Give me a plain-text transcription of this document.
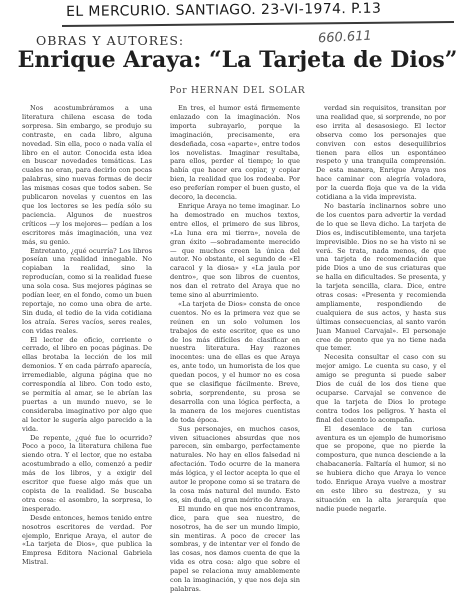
EL MERCURIO. SANTIAGO. 23-VI-1974. P.13
660.611
OBRAS Y AUTORES:
Enrique Araya: “La Tarjeta de Dios”
Por HERNAN DEL SOLAR

Nos acostumbráramos a una literatura chilena escasa de toda sorpresa. Sin embargo, se produjo su contraste, en cada libro, alguna novedad. Sin ella, poco o nada valía el libro en el autor. Conocida esta idea en buscar novedades temáticas. Las cuales no eran, para decirlo con pocas palabras, sino nuevas formas de decir las mismas cosas que todos saben. Se publicaron novelas y cuentos en las que los lectores se les pedía sólo su paciencia. Algunos de nuestros críticos —y los mejores— pedían a los escritores más imaginación, una vez más, su genio.

Entretanto, ¿qué ocurría? Los libros poseían una realidad innegable. No copiaban la realidad, sino la reproducían, como si la realidad fuese una sola cosa. Sus mejores páginas se podían leer, en el fondo, como un buen reportaje, no como una obra de arte. Sin duda, el tedio de la vida cotidiana los atraía. Seres vacíos, seres reales, con vidas reales.

El lector de oficio, corriente o cerrado, el libro en pocas páginas. De ellas brotaba la lección de los mil demonios. Y en cada párrafo aparecía, irremediable, alguna página que no correspondía al libro. Con todo esto, se permitía al amar, se le abrían las puertas a un mundo nuevo, se le consideraba imaginativo por algo que al lector le sugería algo parecido a la vida.

De repente, ¿qué fue lo ocurrido? Poco a poco, la literatura chilena fue siendo otra. Y el lector, que no estaba acostumbrado a ello, comenzó a pedir más de los libros, y a exigir del escritor que fuese algo más que un copista de la realidad. Se buscaba otra cosa: el asombro, la sorpresa, lo inesperado.

Desde entonces, hemos tenido entre nosotros escritores de verdad. Por ejemplo, Enrique Araya, el autor de «La tarjeta de Dios», que publica la Empresa Editora Nacional Gabriela Mistral.

En tres, el humor está firmemente enlazado con la imaginación. Nos importa subrayarlo, porque la imaginación, precisamente, era desdeñada, cosa «aparte», entre todos los novelistas. Imaginar resultaba, para ellos, perder el tiempo; lo que había que hacer era copiar, y copiar bien, la realidad que los rodeaba. Por eso preferían romper el buen gusto, el decoro, la decencia.

Enrique Araya no teme imaginar. Lo ha demostrado en muchos textos, entre ellos, el primero de sus libros, «La luna era mi tierra», novela de gran éxito —sobradamente merecido— que muchos creen la única del autor. No obstante, el segundo de «El caracol y la diosa» y «La jaula por dentro», que son libros de cuentos, nos dan el retrato del Araya que no teme sino al aburrimiento.

«La tarjeta de Dios» consta de once cuentos. No es la primera vez que se reúnen en un solo volumen los trabajos de este escritor, que es uno de los más difíciles de clasificar en nuestra literatura. Hay razones inocentes: una de ellas es que Araya es, ante todo, un humorista de los que quedan pocos, y el humor no es cosa que se clasifique fácilmente. Breve, sobria, sorprendente, su prosa se desarrolla con una lógica perfecta, a la manera de los mejores cuentistas de toda época.

Sus personajes, en muchos casos, viven situaciones absurdas que nos parecen, sin embargo, perfectamente naturales. No hay en ellos falsedad ni afectación. Todo ocurre de la manera más lógica, y el lector acepta lo que el autor le propone como si se tratara de la cosa más natural del mundo. Esto es, sin duda, el gran mérito de Araya.

El mundo en que nos encontramos, dice, para que sea nuestro, de nosotros, ha de ser un mundo limpio, sin mentiras. A poco de crecer las sombras, y de intentar ver el fondo de las cosas, nos damos cuenta de que la vida es otra cosa: algo que sobre el papel se relaciona muy amablemente con la imaginación, y que nos deja sin palabras.

verdad sin requisitos, transitan por una realidad que, si sorprende, no por eso irrita al desasosiego. El lector observa como los personajes que conviven con estos desequilibrios tienen para ellos un espontáneo respeto y una tranquila comprensión. De esta manera, Enrique Araya nos hace caminar con alegría voladora, por la cuerda floja que va de la vida cotidiana a la vida imprevista.

No bastaría inclinarnos sobre uno de los cuentos para advertir la verdad de lo que se lleva dicho. La tarjeta de Dios es, indiscutiblemente, una tarjeta imprevisible. Dios no se ha visto ni se verá. Se trata, nada menos, de que una tarjeta de recomendación que pide Dios a uno de sus criaturas que se halla en dificultades. Se presenta, y la tarjeta sencilla, clara. Dice, entre otras cosas: «Presenta y recomienda ampliamente, respondiendo de cualquiera de sus actos, y hasta sus últimas consecuencias, al santo varón Juan Manuel Carvajal». El personaje cree de pronto que ya no tiene nada que temer.

Necesita consultar el caso con su mejor amigo. Le cuenta su caso, y el amigo se pregunta si puede saber Dios de cuál de los dos tiene que ocuparse. Carvajal se convence de que la tarjeta de Dios lo protege contra todos los peligros. Y hasta el final del cuento lo acompaña.

El desenlace de tan curiosa aventura es un ejemplo de humorismo que se propone, que no pierde la compostura, que nunca desciende a la chabacanería. Faltaría el humor, si no se hubiera dicho que Araya lo vence todo. Enrique Araya vuelve a mostrar en este libro su destreza, y su situación en la alta jerarquía que nadie puede negarle.
